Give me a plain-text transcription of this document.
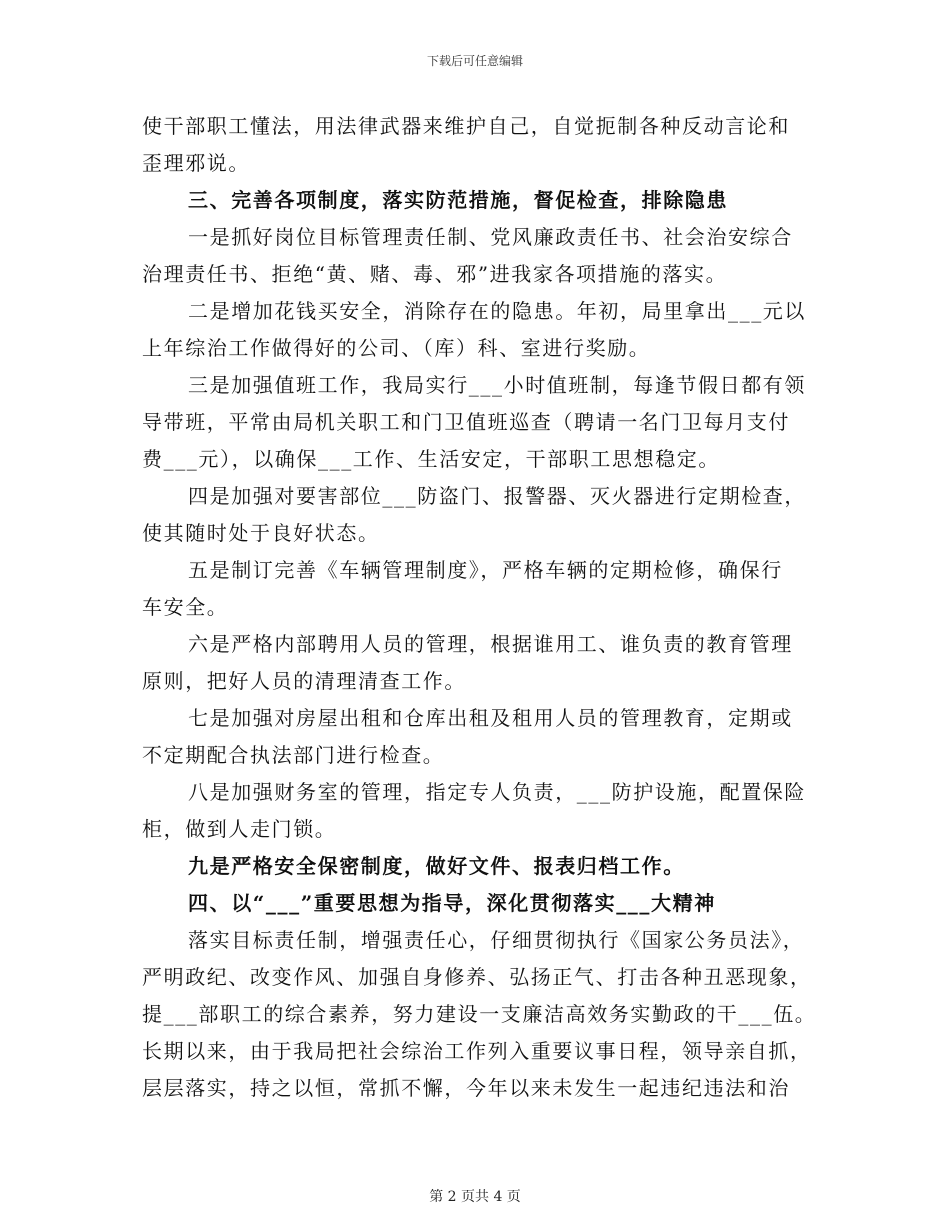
下载后可任意编辑

使干部职工懂法，用法律武器来维护自己，自觉扼制各种反动言论和

歪理邪说。

三、完善各项制度，落实防范措施，督促检查，排除隐患

一是抓好岗位目标管理责任制、党风廉政责任书、社会治安综合

治理责任书、拒绝“黄、赌、毒、邪”进我家各项措施的落实。

二是增加花钱买安全，消除存在的隐患。年初，局里拿出___元以

上年综治工作做得好的公司、（库）科、室进行奖励。

三是加强值班工作，我局实行___小时值班制，每逢节假日都有领

导带班，平常由局机关职工和门卫值班巡查（聘请一名门卫每月支付

费___元），以确保___工作、生活安定，干部职工思想稳定。

四是加强对要害部位___防盗门、报警器、灭火器进行定期检查，

使其随时处于良好状态。

五是制订完善《车辆管理制度》，严格车辆的定期检修，确保行

车安全。

六是严格内部聘用人员的管理，根据谁用工、谁负责的教育管理

原则，把好人员的清理清查工作。

七是加强对房屋出租和仓库出租及租用人员的管理教育，定期或

不定期配合执法部门进行检查。

八是加强财务室的管理，指定专人负责，___防护设施，配置保险

柜，做到人走门锁。

九是严格安全保密制度，做好文件、报表归档工作。

四、以“___”重要思想为指导，深化贯彻落实___大精神

落实目标责任制，增强责任心，仔细贯彻执行《国家公务员法》，

严明政纪、改变作风、加强自身修养、弘扬正气、打击各种丑恶现象，

提___部职工的综合素养，努力建设一支廉洁高效务实勤政的干___伍。

长期以来，由于我局把社会综治工作列入重要议事日程，领导亲自抓，

层层落实，持之以恒，常抓不懈，今年以来未发生一起违纪违法和治

第 2 页共 4 页
